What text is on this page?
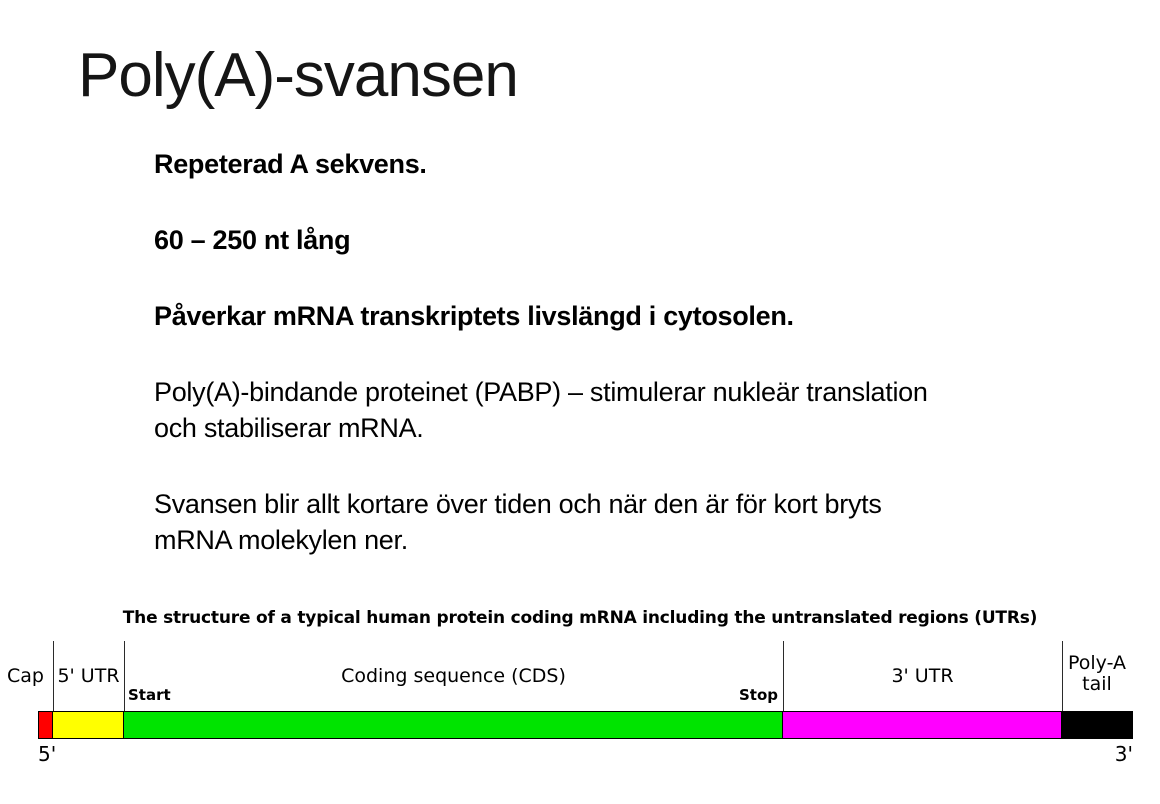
Poly(A)-svansen
Repeterad A sekvens.
60 – 250 nt lång
Påverkar mRNA transkriptets livslängd i cytosolen.
Poly(A)-bindande proteinet (PABP) – stimulerar nukleär translation
och stabiliserar mRNA.
Svansen blir allt kortare över tiden och när den är för kort bryts
mRNA molekylen ner.
The structure of a typical human protein coding mRNA including the untranslated regions (UTRs)
Cap 5' UTR	Coding sequence (CDS)	3' UTR
Poly-A
tail
Start	Stop
5'	3'
